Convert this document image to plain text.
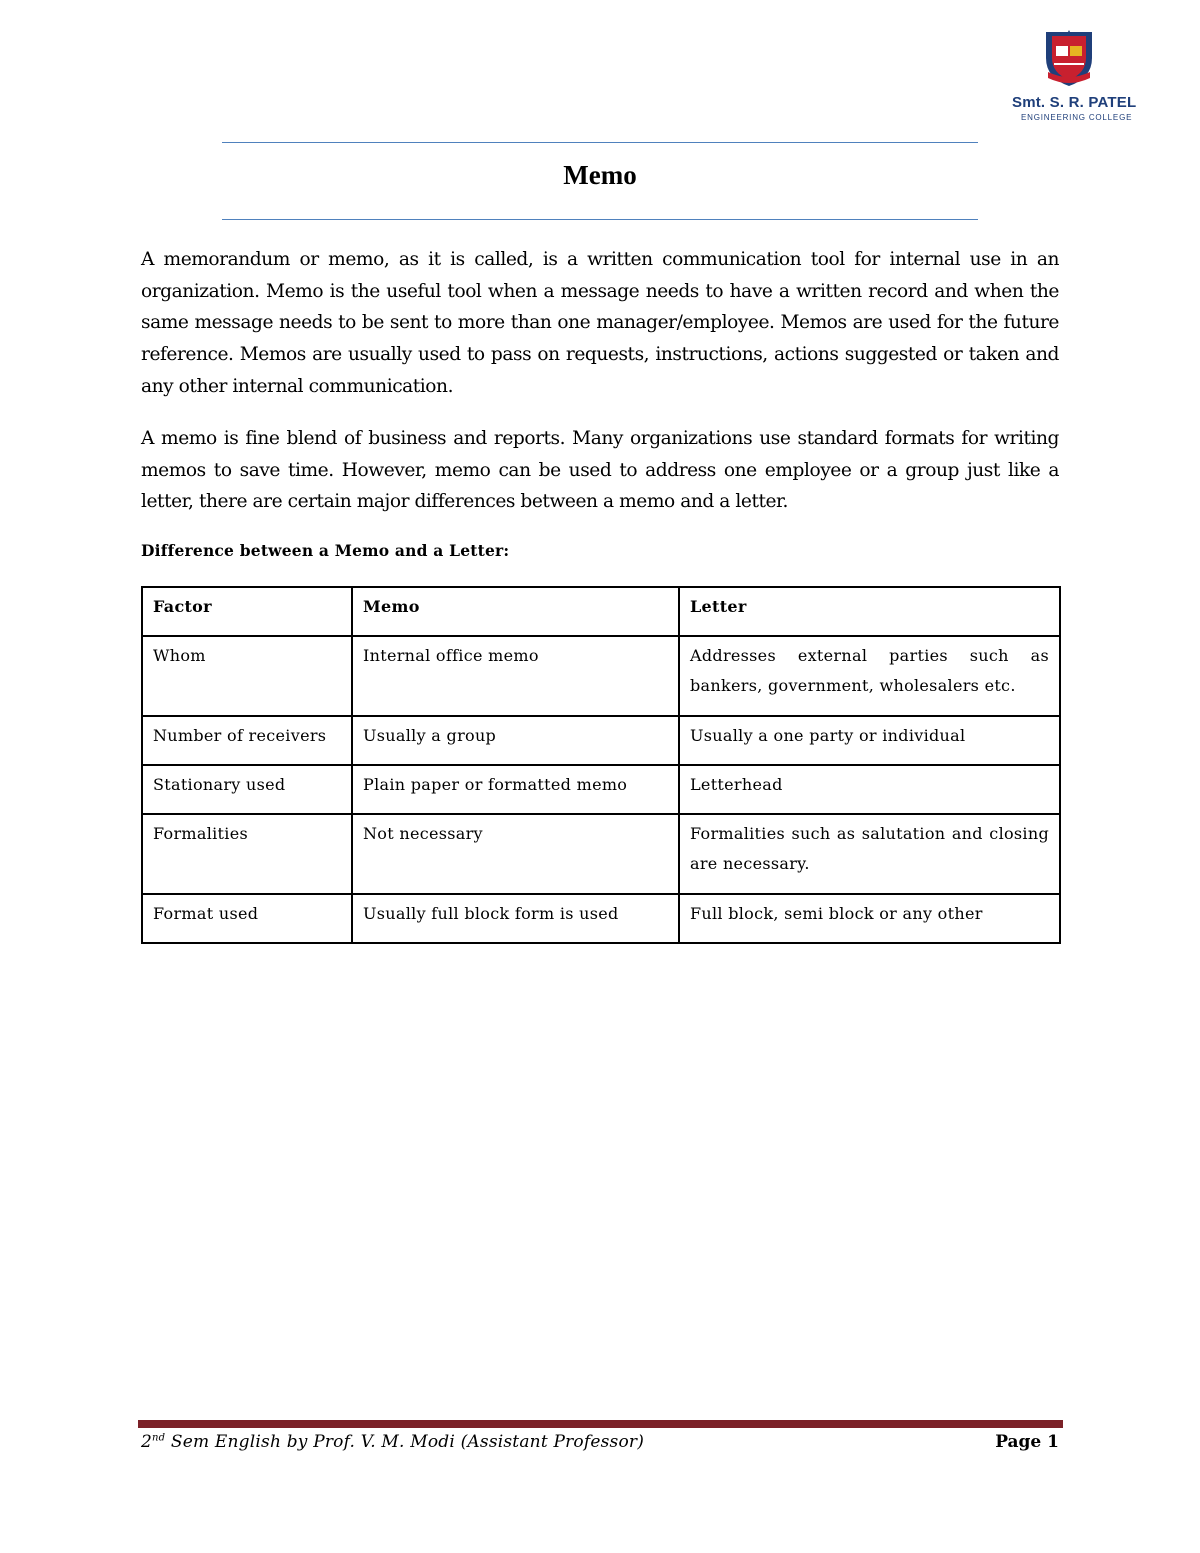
Smt. S. R. PATEL
ENGINEERING COLLEGE
Memo

A memorandum or memo, as it is called, is a written communication tool for internal use in an organization. Memo is the useful tool when a message needs to have a written record and when the same message needs to be sent to more than one manager/employee. Memos are used for the future reference. Memos are usually used to pass on requests, instructions, actions suggested or taken and any other internal communication.

A memo is fine blend of business and reports. Many organizations use standard formats for writing memos to save time. However, memo can be used to address one employee or a group just like a letter, there are certain major differences between a memo and a letter.

Difference between a Memo and a Letter:

Factor	Memo	Letter
Whom	Internal office memo	Addresses external parties such as bankers, government, wholesalers etc.
Number of receivers	Usually a group	Usually a one party or individual
Stationary used	Plain paper or formatted memo	Letterhead
Formalities	Not necessary	Formalities such as salutation and closing are necessary.
Format used	Usually full block form is used	Full block, semi block or any other

2nd Sem English by Prof. V. M. Modi (Assistant Professor)	Page 1
